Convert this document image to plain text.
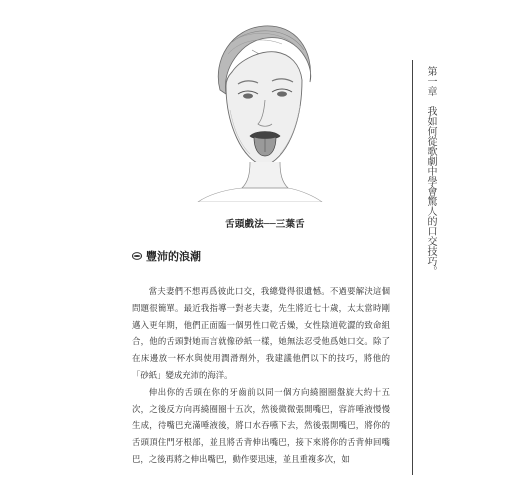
舌頭戲法──三葉舌
豐沛的浪潮

當夫妻們不想再爲彼此口交，我總覺得很遺憾。不過要解決這個問題很簡單。最近我指導一對老夫妻，先生將近七十歲，太太當時剛邁入更年期，他們正面臨一個男性口乾舌燥，女性陰道乾澀的致命組合，他的舌頭對她而言就像砂紙一樣，她無法忍受他爲她口交。除了在床邊放一杯水與使用潤滑劑外，我建議他們以下的技巧，將他的「砂紙」變成充沛的海洋。

伸出你的舌頭在你的牙齒前以同一個方向繞圈圈盤旋大約十五次，之後反方向再繞圈圈十五次，然後微微張開嘴巴，容許唾液慢慢生成，待嘴巴充滿唾液後，將口水吞嚥下去，然後張開嘴巴，將你的舌頭頂住門牙根部，並且將舌背伸出嘴巴，接下來將你的舌背伸回嘴巴，之後再將之伸出嘴巴，動作要迅速，並且重複多次，如

第一章　我如何從歌劇中學會驚人的口交技巧。
